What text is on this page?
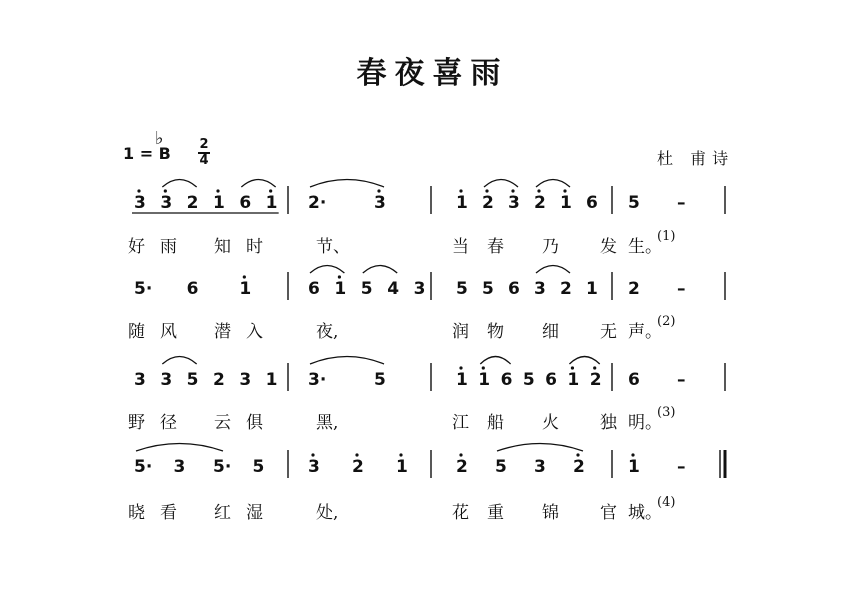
春夜喜雨
杜 甫诗
1 = B
♭	2
4
3 3 2 1 6 1 2·	3	1 2 3 2 1 6 5 –
好 雨 知 时	节、	当 春 乃 发 生。
(1)
5· 6 1	6 1 5 4 3 5 5 6 3 2 1 2 –
随 风 潜 入	夜,	润 物 细 无 声。
(2)
3 3 5 2 3 1 3·	5	1 1 6 5 6 1 2 6 –
野 径 云 俱	黑,	江 船 火 独 明。
(3)
5· 3 5· 5	3 2 1	2 5 3 2	1 –
晓 看 红 湿	处,	花 重 锦 官 城。
(4)
